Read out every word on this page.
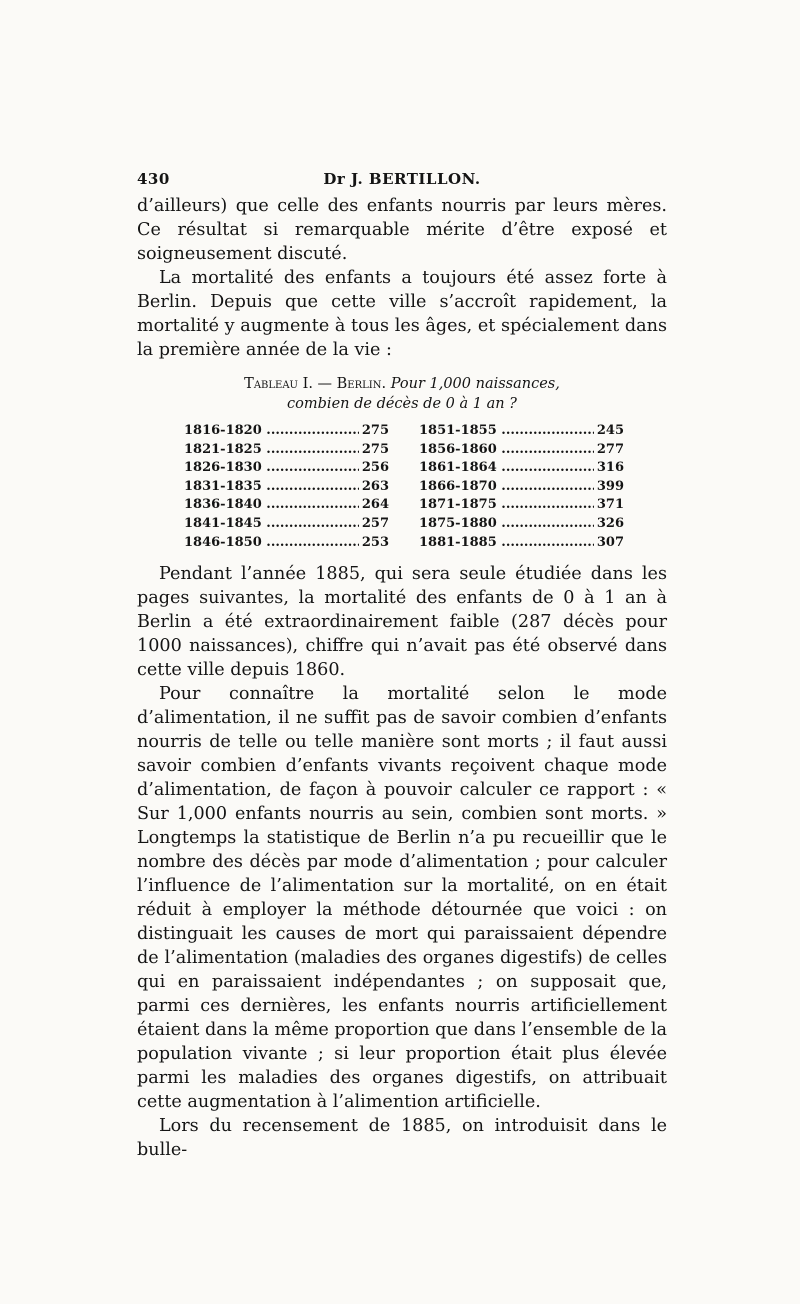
430	Dr J. BERTILLON.

d’ailleurs) que celle des enfants nourris par leurs mères. Ce résultat si remarquable mérite d’être exposé et soigneusement discuté.

La mortalité des enfants a toujours été assez forte à Berlin. Depuis que cette ville s’accroît rapidement, la mortalité y augmente à tous les âges, et spécialement dans la première année de la vie :

Tableau I. — Berlin. Pour 1,000 naissances,
combien de décès de 0 à 1 an ?
1816-1820 .....	275
1821-1825 .....	275
1826-1830 .....	256
1831-1835 .....	263
1836-1840 .....	264
1841-1845 .....	257
1846-1850 .....	253
1851-1855 .....	245
1856-1860 .....	277
1861-1864 .....	316
1866-1870 .....	399
1871-1875 .....	371
1875-1880 .....	326
1881-1885 .....	307

Pendant l’année 1885, qui sera seule étudiée dans les pages suivantes, la mortalité des enfants de 0 à 1 an à Berlin a été extraordinairement faible (287 décès pour 1000 naissances), chiffre qui n’avait pas été observé dans cette ville depuis 1860.

Pour connaître la mortalité selon le mode d’alimentation, il ne suffit pas de savoir combien d’enfants nourris de telle ou telle manière sont morts ; il faut aussi savoir combien d’enfants vivants reçoivent chaque mode d’alimentation, de façon à pouvoir calculer ce rapport : « Sur 1,000 enfants nourris au sein, combien sont morts. » Longtemps la statistique de Berlin n’a pu recueillir que le nombre des décès par mode d’alimentation ; pour calculer l’influence de l’alimentation sur la mortalité, on en était réduit à employer la méthode détournée que voici : on distinguait les causes de mort qui paraissaient dépendre de l’alimentation (maladies des organes digestifs) de celles qui en paraissaient indépendantes ; on supposait que, parmi ces dernières, les enfants nourris artificiellement étaient dans la même proportion que dans l’ensemble de la population vivante ; si leur proportion était plus élevée parmi les maladies des organes digestifs, on attribuait cette augmentation à l’alimention artificielle.

Lors du recensement de 1885, on introduisit dans le bulle-
